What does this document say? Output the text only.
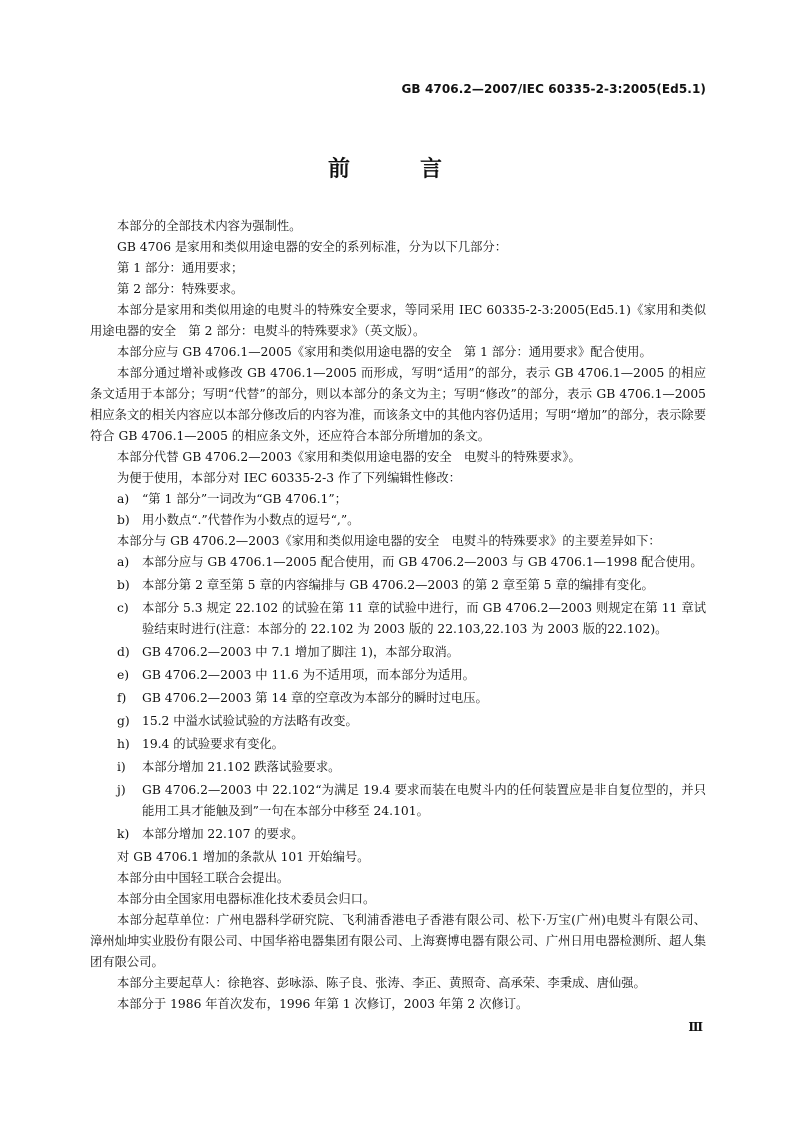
GB 4706.2—2007/IEC 60335-2-3:2005(Ed5.1)
前　言

本部分的全部技术内容为强制性。

GB 4706 是家用和类似用途电器的安全的系列标准，分为以下几部分：

第 1 部分：通用要求；

第 2 部分：特殊要求。

本部分是家用和类似用途的电熨斗的特殊安全要求，等同采用 IEC 60335-2-3:2005(Ed5.1)《家用和类似用途电器的安全　第 2 部分：电熨斗的特殊要求》（英文版）。

本部分应与 GB 4706.1—2005《家用和类似用途电器的安全　第 1 部分：通用要求》配合使用。

本部分通过增补或修改 GB 4706.1—2005 而形成，写明“适用”的部分，表示 GB 4706.1—2005 的相应条文适用于本部分；写明“代替”的部分，则以本部分的条文为主；写明“修改”的部分，表示 GB 4706.1—2005相应条文的相关内容应以本部分修改后的内容为准，而该条文中的其他内容仍适用；写明“增加”的部分，表示除要符合 GB 4706.1—2005 的相应条文外，还应符合本部分所增加的条文。

本部分代替 GB 4706.2—2003《家用和类似用途电器的安全　电熨斗的特殊要求》。

为便于使用，本部分对 IEC 60335-2-3 作了下列编辑性修改：

a) “第 1 部分”一词改为“GB 4706.1”；
b) 用小数点“.”代替作为小数点的逗号“,”。

本部分与 GB 4706.2—2003《家用和类似用途电器的安全　电熨斗的特殊要求》的主要差异如下：

a) 本部分应与 GB 4706.1—2005 配合使用，而 GB 4706.2—2003 与 GB 4706.1—1998 配合使用。
b) 本部分第 2 章至第 5 章的内容编排与 GB 4706.2—2003 的第 2 章至第 5 章的编排有变化。
c) 本部分 5.3 规定 22.102 的试验在第 11 章的试验中进行，而 GB 4706.2—2003 则规定在第 11 章试验结束时进行(注意：本部分的 22.102 为 2003 版的 22.103,22.103 为 2003 版的22.102)。
d) GB 4706.2—2003 中 7.1 增加了脚注 1)，本部分取消。
e) GB 4706.2—2003 中 11.6 为不适用项，而本部分为适用。
f) GB 4706.2—2003 第 14 章的空章改为本部分的瞬时过电压。
g) 15.2 中溢水试验试验的方法略有改变。
h) 19.4 的试验要求有变化。
i) 本部分增加 21.102 跌落试验要求。
j) GB 4706.2—2003 中 22.102“为满足 19.4 要求而装在电熨斗内的任何装置应是非自复位型的，并只能用工具才能触及到”一句在本部分中移至 24.101。
k) 本部分增加 22.107 的要求。

对 GB 4706.1 增加的条款从 101 开始编号。

本部分由中国轻工联合会提出。

本部分由全国家用电器标准化技术委员会归口。

本部分起草单位：广州电器科学研究院、飞利浦香港电子香港有限公司、松下·万宝(广州)电熨斗有限公司、漳州灿坤实业股份有限公司、中国华裕电器集团有限公司、上海赛博电器有限公司、广州日用电器检测所、超人集团有限公司。

本部分主要起草人：徐艳容、彭咏添、陈子良、张涛、李正、黄照奇、高承荣、李秉成、唐仙强。

本部分于 1986 年首次发布，1996 年第 1 次修订，2003 年第 2 次修订。

Ⅲ
